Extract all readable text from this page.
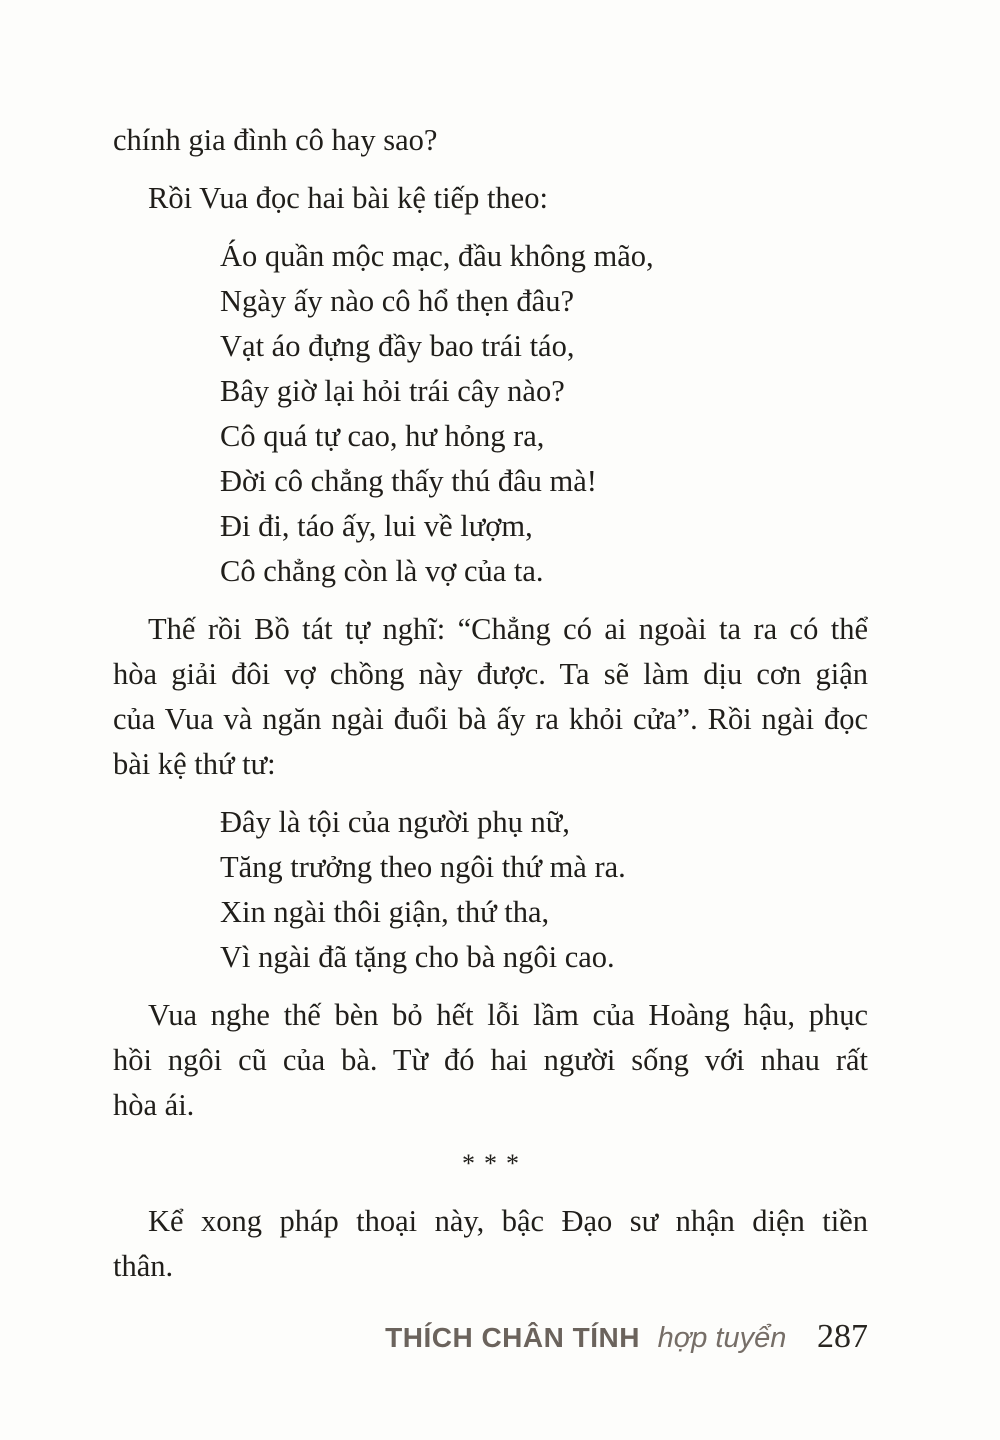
chính gia đình cô hay sao?
Rồi Vua đọc hai bài kệ tiếp theo:
Áo quần mộc mạc, đầu không mão,
Ngày ấy nào cô hổ thẹn đâu?
Vạt áo đựng đầy bao trái táo,
Bây giờ lại hỏi trái cây nào?
Cô quá tự cao, hư hỏng ra,
Đời cô chẳng thấy thú đâu mà!
Đi đi, táo ấy, lui về lượm,
Cô chẳng còn là vợ của ta.
Thế rồi Bồ tát tự nghĩ: “Chẳng có ai ngoài ta ra có thể
hòa giải đôi vợ chồng này được. Ta sẽ làm dịu cơn giận
của Vua và ngăn ngài đuổi bà ấy ra khỏi cửa”. Rồi ngài đọc
bài kệ thứ tư:
Đây là tội của người phụ nữ,
Tăng trưởng theo ngôi thứ mà ra.
Xin ngài thôi giận, thứ tha,
Vì ngài đã tặng cho bà ngôi cao.
Vua nghe thế bèn bỏ hết lỗi lầm của Hoàng hậu, phục
hồi ngôi cũ của bà. Từ đó hai người sống với nhau rất
hòa ái.
***
Kể xong pháp thoại này, bậc Đạo sư nhận diện tiền
thân.
THÍCH CHÂN TÍNH hợp tuyển 287
